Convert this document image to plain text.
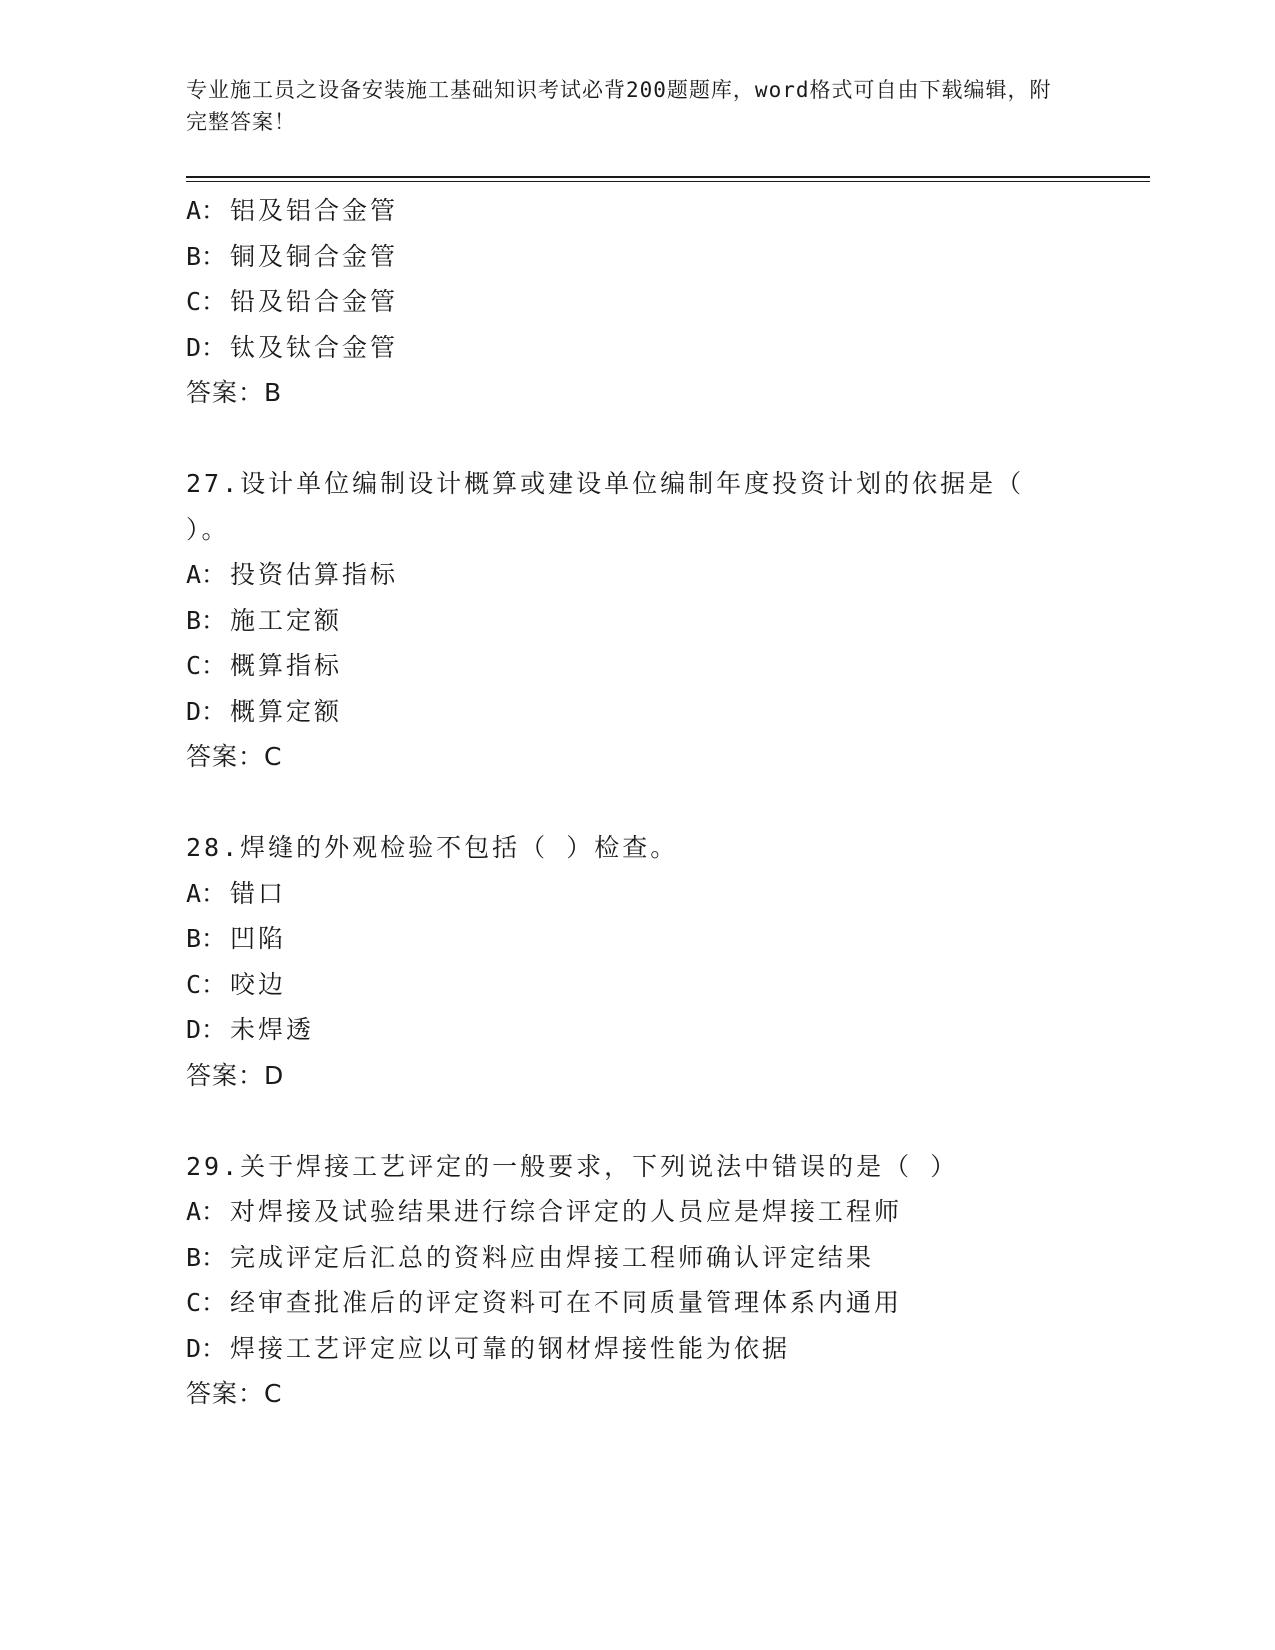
专业施工员之设备安装施工基础知识考试必背200题题库，word格式可自由下载编辑，附完整答案！
A： 铝及铝合金管
B： 铜及铜合金管
C： 铅及铅合金管
D： 钛及钛合金管
答案：B
27.设计单位编制设计概算或建设单位编制年度投资计划的依据是（ ）。
A： 投资估算指标
B： 施工定额
C： 概算指标
D： 概算定额
答案：C
28.焊缝的外观检验不包括（ ）检查。
A： 错口
B： 凹陷
C： 咬边
D： 未焊透
答案：D
29.关于焊接工艺评定的一般要求，下列说法中错误的是（ ）
A： 对焊接及试验结果进行综合评定的人员应是焊接工程师
B： 完成评定后汇总的资料应由焊接工程师确认评定结果
C： 经审查批准后的评定资料可在不同质量管理体系内通用
D： 焊接工艺评定应以可靠的钢材焊接性能为依据
答案：C
